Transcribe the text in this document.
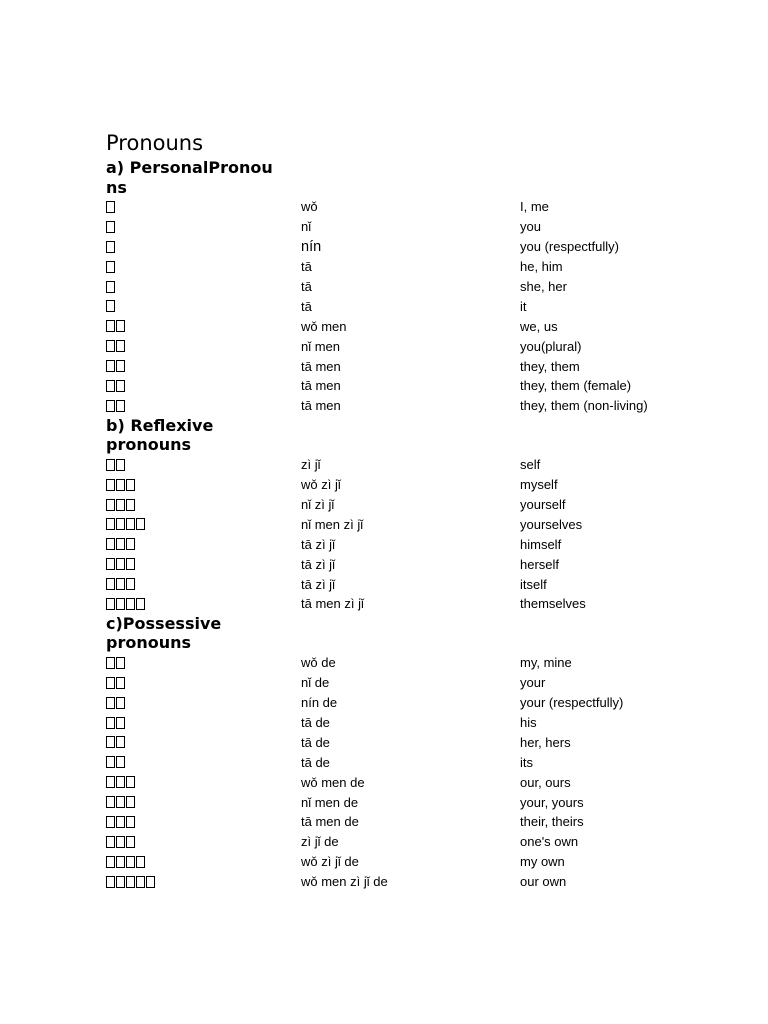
Pronouns
a) PersonalPronouns
wǒ	I, me
nǐ	you
nín	you (respectfully)
tā	he, him
tā	she, her
tā	it
wǒ men	we, us
nǐ men	you(plural)
tā men	they, them
tā men	they, them (female)
tā men	they, them (non-living)
b) Reflexive pronouns
zì jǐ	self
wǒ zì jǐ	myself
nǐ zì jǐ	yourself
nǐ men zì jǐ	yourselves
tā zì jǐ	himself
tā zì jǐ	herself
tā zì jǐ	itself
tā men zì jǐ	themselves
c)Possessive pronouns
wǒ de	my, mine
nǐ de	your
nín de	your (respectfully)
tā de	his
tā de	her, hers
tā de	its
wǒ men de	our, ours
nǐ men de	your, yours
tā men de	their, theirs
zì jǐ de	one's own
wǒ zì jǐ de	my own
wǒ men zì jǐ de	our own
